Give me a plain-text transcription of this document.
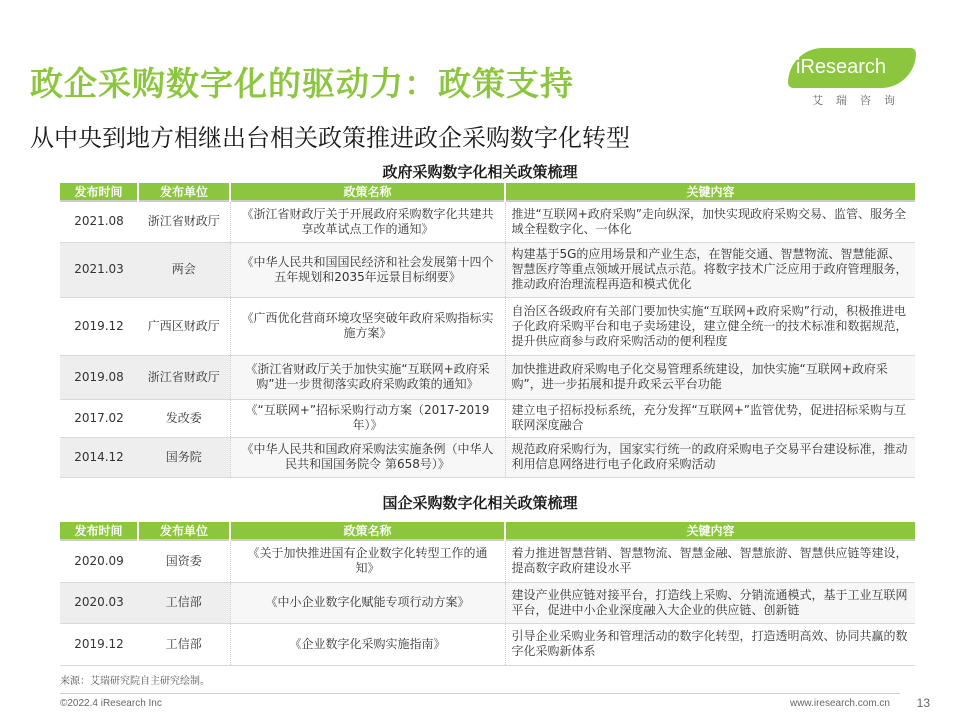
政企采购数字化的驱动力：政策支持
从中央到地方相继出台相关政策推进政企采购数字化转型
iResearch
艾瑞咨询
政府采购数字化相关政策梳理
发布时间	发布单位	政策名称	关键内容
2021.08	浙江省财政厅	《浙江省财政厅关于开展政府采购数字化共建共享改革试点工作的通知》	推进“互联网+政府采购”走向纵深，加快实现政府采购交易、监管、服务全域全程数字化、一体化
2021.03	两会	《中华人民共和国国民经济和社会发展第十四个五年规划和2035年远景目标纲要》	构建基于5G的应用场景和产业生态，在智能交通、智慧物流、智慧能源、智慧医疗等重点领域开展试点示范。将数字技术广泛应用于政府管理服务，推动政府治理流程再造和模式优化
2019.12	广西区财政厅	《广西优化营商环境攻坚突破年政府采购指标实施方案》	自治区各级政府有关部门要加快实施“互联网+政府采购”行动，积极推进电子化政府采购平台和电子卖场建设，建立健全统一的技术标准和数据规范，提升供应商参与政府采购活动的便利程度
2019.08	浙江省财政厅	《浙江省财政厅关于加快实施“互联网+政府采购”进一步贯彻落实政府采购政策的通知》	加快推进政府采购电子化交易管理系统建设，加快实施“互联网+政府采购”，进一步拓展和提升政采云平台功能
2017.02	发改委	《“互联网+”招标采购行动方案（2017-2019年）》	建立电子招标投标系统，充分发挥“互联网+”监管优势，促进招标采购与互联网深度融合
2014.12	国务院	《中华人民共和国政府采购法实施条例（中华人民共和国国务院令 第658号）》	规范政府采购行为，国家实行统一的政府采购电子交易平台建设标准，推动利用信息网络进行电子化政府采购活动
国企采购数字化相关政策梳理
发布时间	发布单位	政策名称	关键内容
2020.09	国资委	《关于加快推进国有企业数字化转型工作的通知》	着力推进智慧营销、智慧物流、智慧金融、智慧旅游、智慧供应链等建设，提高数字政府建设水平
2020.03	工信部	《中小企业数字化赋能专项行动方案》	建设产业供应链对接平台，打造线上采购、分销流通模式，基于工业互联网平台，促进中小企业深度融入大企业的供应链、创新链
2019.12	工信部	《企业数字化采购实施指南》	引导企业采购业务和管理活动的数字化转型，打造透明高效、协同共赢的数字化采购新体系
来源：艾瑞研究院自主研究绘制。
©2022.4 iResearch Inc	www.iresearch.com.cn 13
